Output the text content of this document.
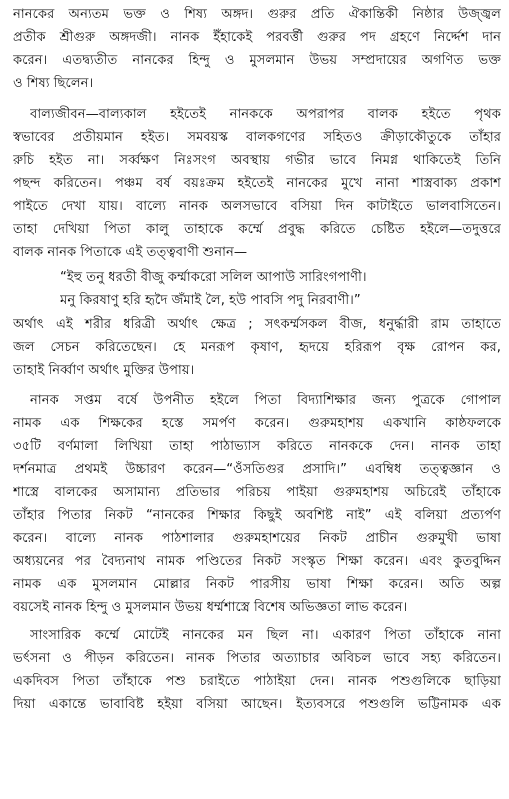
নানকের অন্যতম ভক্ত ও শিষ্য অঙ্গদ। গুরুর প্রতি ঐকান্তিকী নিষ্ঠার উজ্জ্বল
প্রতীক শ্রীগুরু অঙ্গদজী। নানক ইঁহাকেই পরবর্ত্তী গুরুর পদ গ্রহণে নির্দ্দেশ দান
করেন। এতদ্ব্যতীত নানকের হিন্দু ও মুসলমান উভয় সম্প্রদায়ের অগণিত ভক্ত
ও শিষ্য ছিলেন।
বাল্যজীবন—বাল্যকাল হইতেই নানককে অপরাপর বালক হইতে পৃথক
স্বভাবের প্রতীয়মান হইত। সমবয়স্ক বালকগণের সহিতও ক্রীড়াকৌতুকে তাঁহার
রুচি হইত না। সর্ব্বক্ষণ নিঃসংগ অবস্থায় গভীর ভাবে নিমগ্ন থাকিতেই তিনি
পছন্দ করিতেন। পঞ্চম বর্ষ বয়ঃক্রম হইতেই নানকের মুখে নানা শাস্ত্রবাক্য প্রকাশ
পাইতে দেখা যায়। বাল্যে নানক অলসভাবে বসিয়া দিন কাটাইতে ভালবাসিতেন।
তাহা দেখিয়া পিতা কালু তাহাকে কর্ম্মে প্রবুদ্ধ করিতে চেষ্টিত হইলে—তদুত্তরে
বালক নানক পিতাকে এই তত্ত্ববাণী শুনান—
“ইহু তনু ধরতী বীজু কর্ম্মাকরো সলিল আপাউ সারিংগপাণী।
মনু কিরষাণু হরি হৃদৈ জঁমাই লৈ, হউ পাবসি পদু নিরবাণী।”
অর্থাৎ এই শরীর ধরিত্রী অর্থাৎ ক্ষেত্র ; সৎকর্ম্মসকল বীজ, ধনুর্দ্ধারী রাম তাহাতে
জল সেচন করিতেছেন। হে মনরূপ কৃষাণ, হৃদয়ে হরিরূপ বৃক্ষ রোপন কর,
তাহাই নির্ব্বাণ অর্থাৎ মুক্তির উপায়।
নানক সপ্তম বর্ষে উপনীত হইলে পিতা বিদ্যাশিক্ষার জন্য পুত্রকে গোপাল
নামক এক শিক্ষকের হস্তে সমর্পণ করেন। গুরুমহাশয় একখানি কাষ্ঠফলকে
৩৫টি বর্ণমালা লিখিয়া তাহা পাঠাভ্যাস করিতে নানককে দেন। নানক তাহা
দর্শনমাত্র প্রথমই উচ্চারণ করেন—“ওঁসতিগুর প্রসাদি।” এবম্বিধ তত্ত্বজ্ঞান ও
শাস্ত্রে বালকের অসামান্য প্রতিভার পরিচয় পাইয়া গুরুমহাশয় অচিরেই তাঁহাকে
তাঁহার পিতার নিকট “নানকের শিক্ষার কিছুই অবশিষ্ট নাই” এই বলিয়া প্রত্যর্পণ
করেন। বাল্যে নানক পাঠশালার গুরুমহাশয়ের নিকট প্রাচীন গুরুমুখী ভাষা
অধ্যয়নের পর বৈদ্যনাথ নামক পণ্ডিতের নিকট সংস্কৃত শিক্ষা করেন। এবং কুতবুদ্দিন
নামক এক মুসলমান মোল্লার নিকট পারসীয় ভাষা শিক্ষা করেন। অতি অল্প
বয়সেই নানক হিন্দু ও মুসলমান উভয় ধর্ম্মশাস্ত্রে বিশেষ অভিজ্ঞতা লাভ করেন।
সাংসারিক কর্ম্মে মোটেই নানকের মন ছিল না। একারণ পিতা তাঁহাকে নানা
ভর্ৎসনা ও পীড়ন করিতেন। নানক পিতার অত্যাচার অবিচল ভাবে সহ্য করিতেন।
একদিবস পিতা তাঁহাকে পশু চরাইতে পাঠাইয়া দেন। নানক পশুগুলিকে ছাড়িয়া
দিয়া একান্তে ভাবাবিষ্ট হইয়া বসিয়া আছেন। ইত্যবসরে পশুগুলি ভট্টিনামক এক
